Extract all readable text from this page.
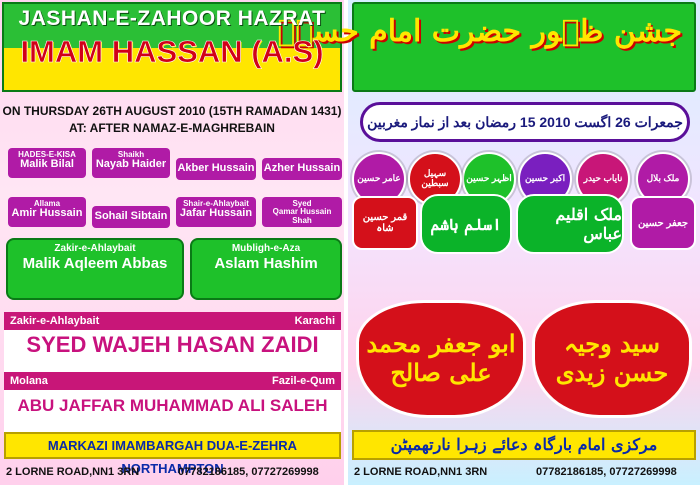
JASHAN-E-ZAHOOR HAZRAT
IMAM HASSAN (A.S)
ON THURSDAY 26TH AUGUST 2010 (15TH RAMADAN 1431)
AT: AFTER NAMAZ-E-MAGHREBAIN
HADES-E-KISA
Malik Bilal
Shaikh
Nayab Haider	Akber Hussain Azher Hussain
Allama
Amir Hussain	Sohail Sibtain
Shair-e-Ahlaybait
Jafar Hussain
Syed
Qamar Hussain Shah
Zakir-e-Ahlaybait
Malik Aqleem Abbas
Mubligh-e-Aza
Aslam Hashim
Zakir-e-Ahlaybait	Karachi
SYED WAJEH HASAN ZAIDI
Molana	Fazil-e-Qum
ABU JAFFAR MUHAMMAD ALI SALEH
MARKAZI IMAMBARGAH DUA-E-ZEHRA NORTHAMPTON
2 LORNE ROAD,NN1 3RN	07782186185, 07727269998
جشن ظہور حضرت امام حسنؑ
جمعرات 26 اگست 2010 15 رمضان بعد از نماز مغربین
ملک بلال
نایاب حیدر
اکبر حسین
اظہر حسین
سہیل سبطین
عامر حسین
جعفر حسین
ملک اقلیم عباس
اسلم ہاشم
قمر حسین شاہ
سید وجیہ حسن زیدی
ابو جعفر محمد علی صالح
مرکزی امام بارگاہ دعائے زہرا نارتھمپٹن
2 LORNE ROAD,NN1 3RN	07782186185, 07727269998
